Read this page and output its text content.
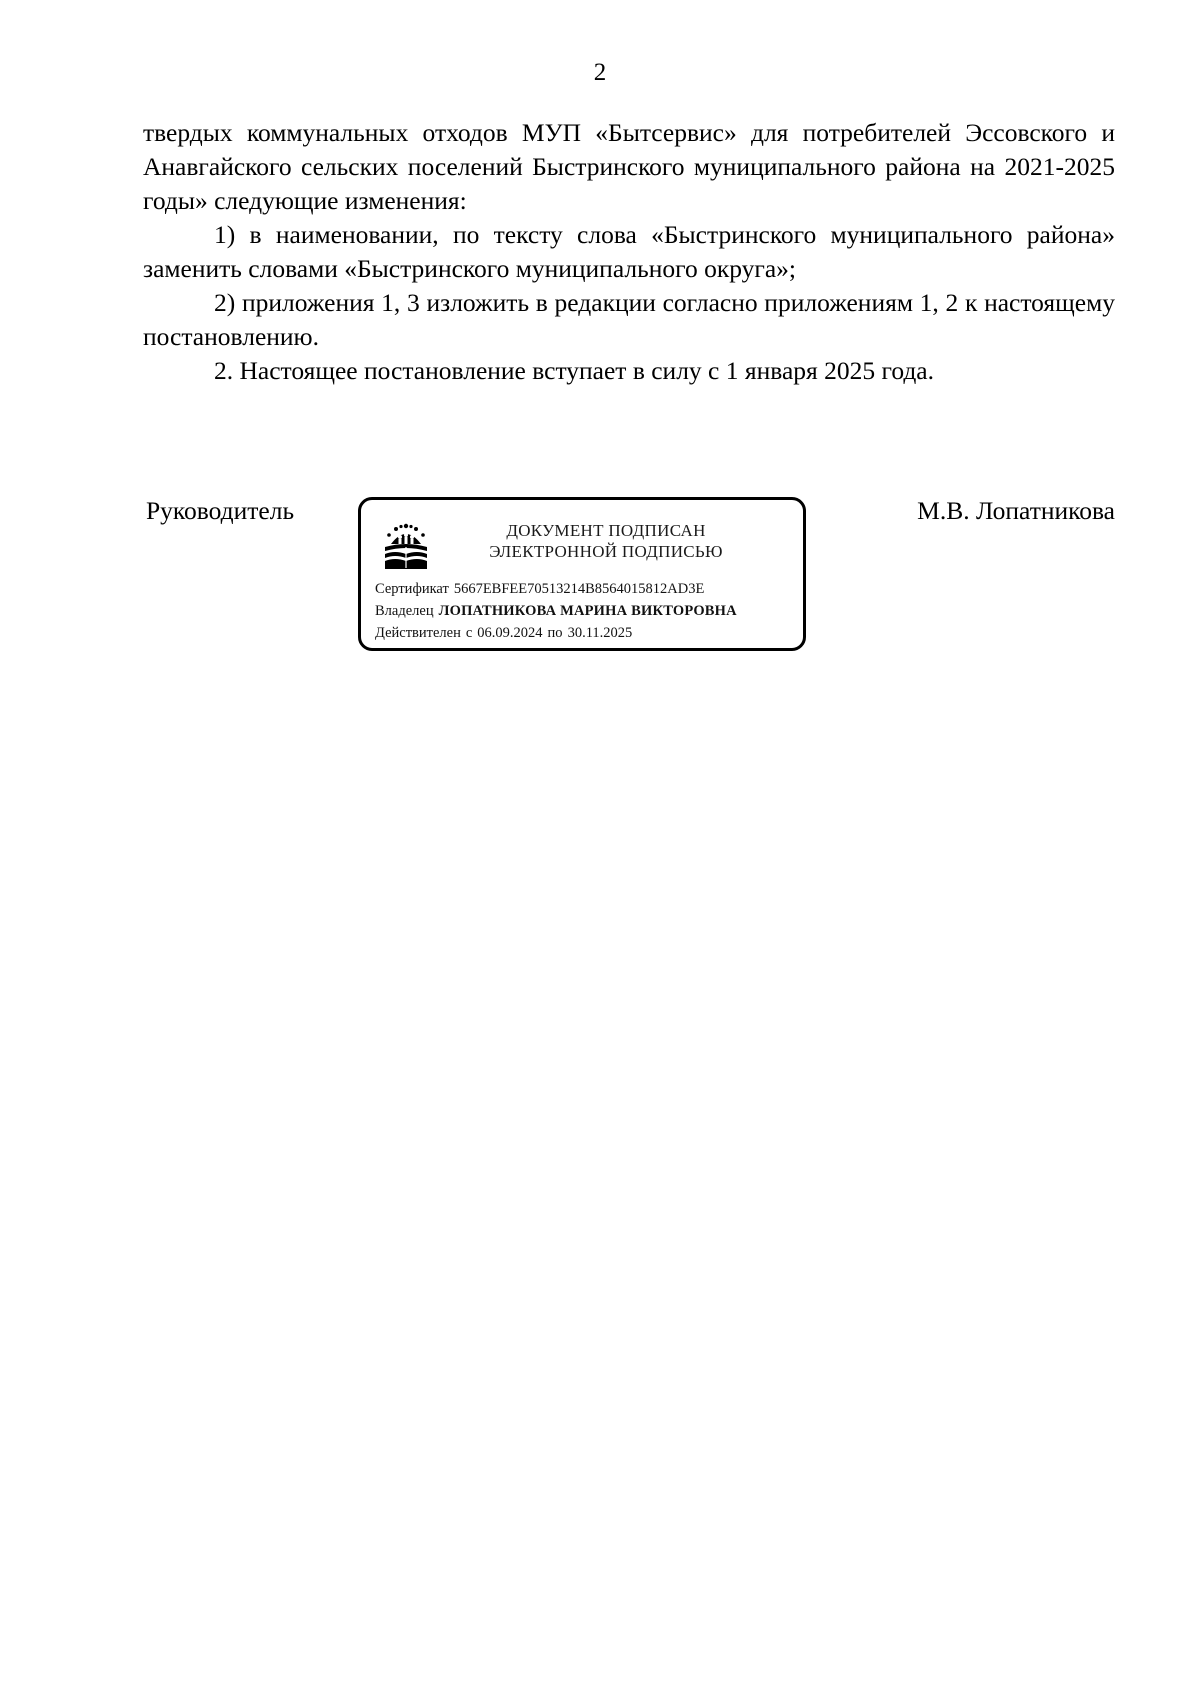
2

твердых коммунальных отходов МУП «Бытсервис» для потребителей Эссовского и Анавгайского сельских поселений Быстринского муниципального района на 2021-2025 годы» следующие изменения:

1) в наименовании, по тексту слова «Быстринского муниципального района» заменить словами «Быстринского муниципального округа»;

2) приложения 1, 3 изложить в редакции согласно приложениям 1, 2 к настоящему постановлению.

2. Настоящее постановление вступает в силу с 1 января 2025 года.

Руководитель
ДОКУМЕНТ ПОДПИСАН
ЭЛЕКТРОННОЙ ПОДПИСЬЮ
Сертификат 5667EBFEE70513214B8564015812AD3E
Владелец ЛОПАТНИКОВА МАРИНА ВИКТОРОВНА
Действителен с 06.09.2024 по 30.11.2025
М.В. Лопатникова
